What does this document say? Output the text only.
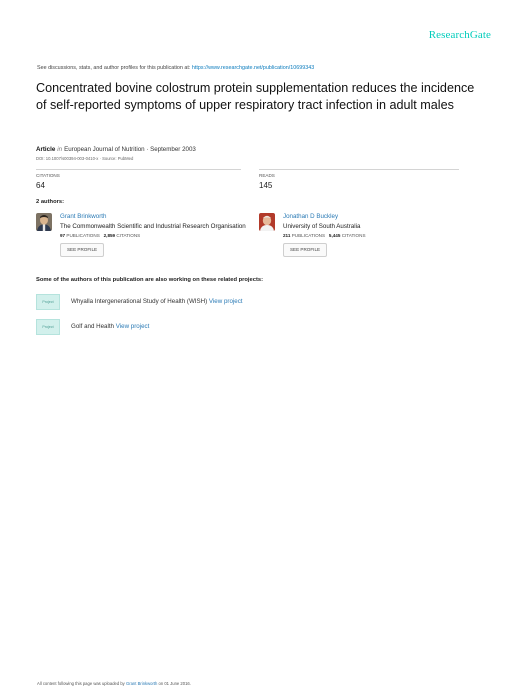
ResearchGate
See discussions, stats, and author profiles for this publication at: https://www.researchgate.net/publication/10699343
Concentrated bovine colostrum protein supplementation reduces the incidence of self-reported symptoms of upper respiratory tract infection in adult males
Article in European Journal of Nutrition · September 2003
DOI: 10.1007/s00394-003-0410-x · Source: PubMed
CITATIONS
64
READS
145
2 authors:
Grant Brinkworth
The Commonwealth Scientific and Industrial Research Organisation
97 PUBLICATIONS 2,859 CITATIONS
SEE PROFILE
Jonathan D Buckley
University of South Australia
211 PUBLICATIONS 5,445 CITATIONS
SEE PROFILE
Some of the authors of this publication are also working on these related projects:
Project	Whyalla Intergenerational Study of Health (WISH) View project
Project	Golf and Health View project
All content following this page was uploaded by Grant Brinkworth on 01 June 2016.
